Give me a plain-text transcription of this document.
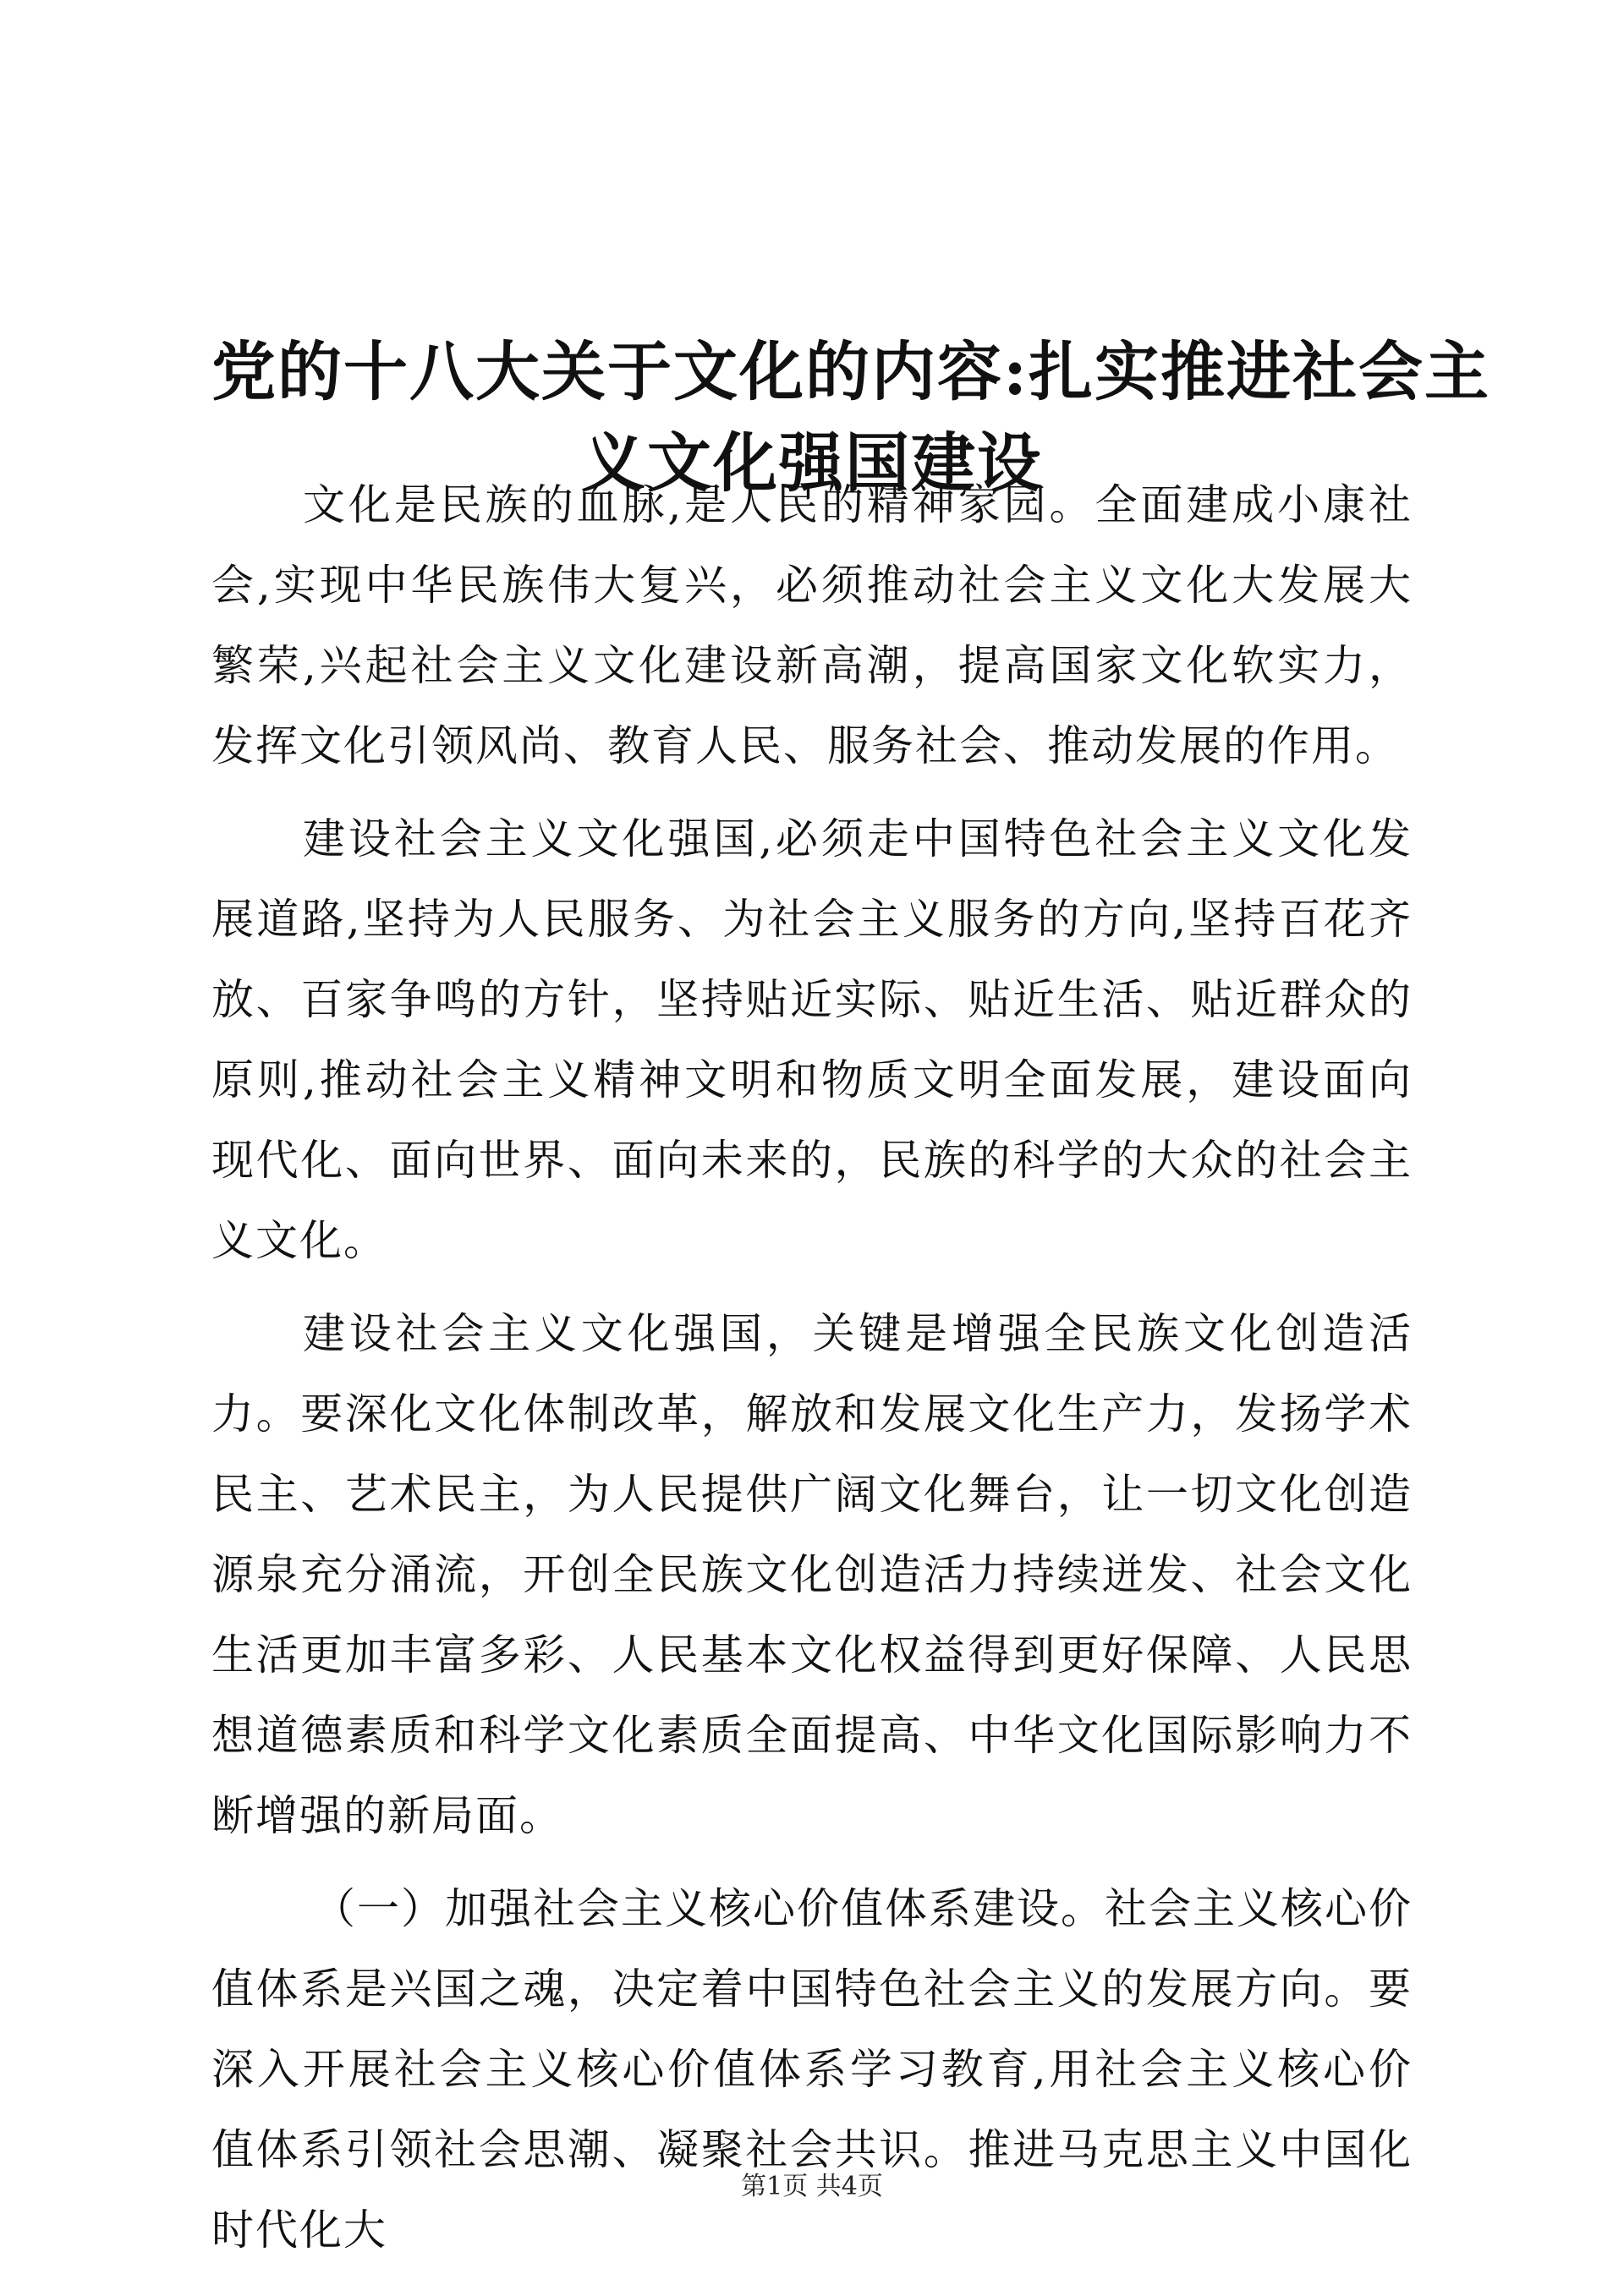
党的十八大关于文化的内容:扎实推进社会主
义文化强国建设

文化是民族的血脉,是人民的精神家园。全面建成小康社会,实现中华民族伟大复兴，必须推动社会主义文化大发展大繁荣,兴起社会主义文化建设新高潮，提高国家文化软实力，发挥文化引领风尚、教育人民、服务社会、推动发展的作用。

建设社会主义文化强国,必须走中国特色社会主义文化发展道路,坚持为人民服务、为社会主义服务的方向,坚持百花齐放、百家争鸣的方针，坚持贴近实际、贴近生活、贴近群众的原则,推动社会主义精神文明和物质文明全面发展，建设面向现代化、面向世界、面向未来的，民族的科学的大众的社会主义文化。

建设社会主义文化强国，关键是增强全民族文化创造活力。要深化文化体制改革，解放和发展文化生产力，发扬学术民主、艺术民主，为人民提供广阔文化舞台，让一切文化创造源泉充分涌流，开创全民族文化创造活力持续迸发、社会文化生活更加丰富多彩、人民基本文化权益得到更好保障、人民思想道德素质和科学文化素质全面提高、中华文化国际影响力不断增强的新局面。

（一）加强社会主义核心价值体系建设。社会主义核心价值体系是兴国之魂，决定着中国特色社会主义的发展方向。要深入开展社会主义核心价值体系学习教育,用社会主义核心价值体系引领社会思潮、凝聚社会共识。推进马克思主义中国化时代化大

第1页 共4页
